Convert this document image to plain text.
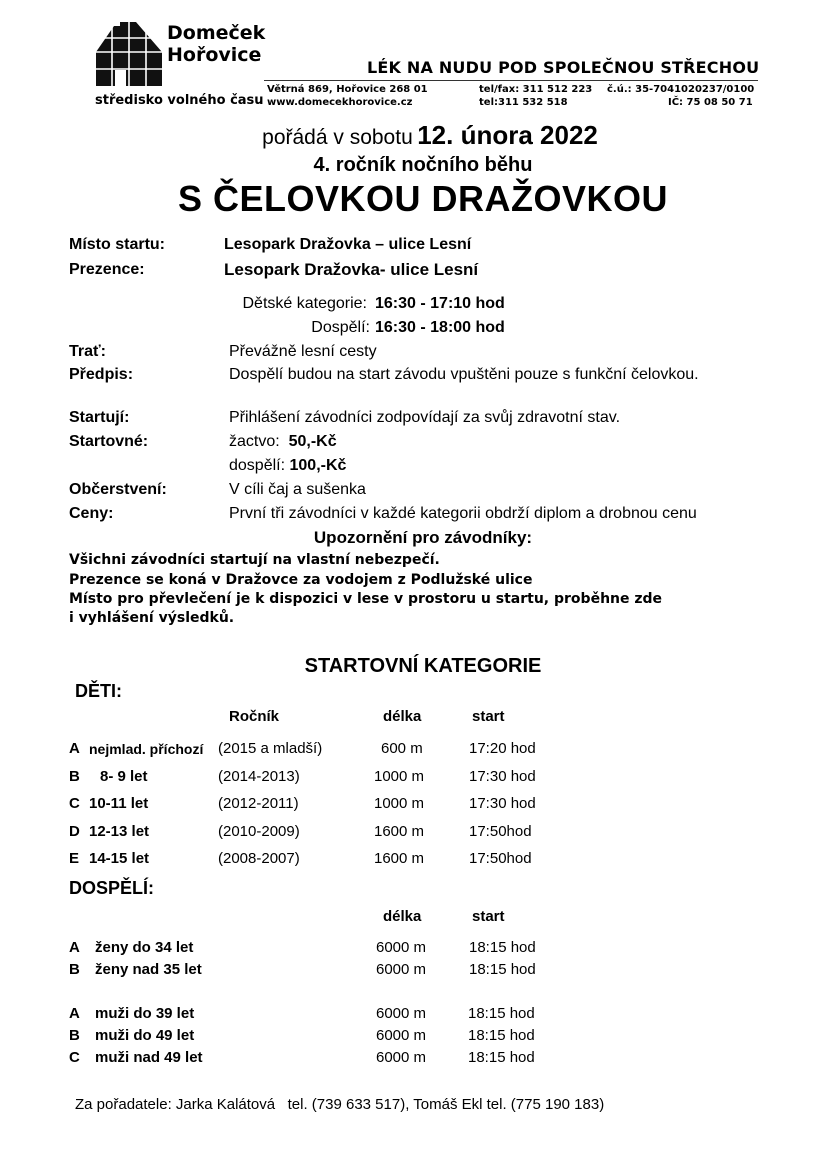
Domeček
Hořovice
středisko volného času
LÉK NA NUDU POD SPOLEČNOU STŘECHOU
Větrná 869, Hořovice 268 01
www.domecekhorovice.cz
tel/fax: 311 512 223
tel:311 532 518
č.ú.: 35-7041020237/0100
IČ: 75 08 50 71
pořádá v sobotu 12. února 2022
4. ročník nočního běhu
S ČELOVKOU DRAŽOVKOU
Místo startu:	Lesopark Dražovka – ulice Lesní
Prezence:	Lesopark Dražovka- ulice Lesní
Dětské kategorie: 16:30 - 17:10 hod
Dospělí: 16:30 - 18:00 hod
Trať:	Převážně lesní cesty
Předpis:	Dospělí budou na start závodu vpuštěni pouze s funkční čelovkou.
Startují:	Přihlášení závodníci zodpovídají za svůj zdravotní stav.
Startovné:	žactvo: 50,-Kč
dospělí: 100,-Kč
Občerstvení:	V cíli čaj a sušenka
Ceny:	První tři závodníci v každé kategorii obdrží diplom a drobnou cenu
Upozornění pro závodníky:
Všichni závodníci startují na vlastní nebezpečí.
Prezence se koná v Dražovce za vodojem z Podlužské ulice
Místo pro převlečení je k dispozici v lese v prostoru u startu, proběhne zde
i vyhlášení výsledků.
STARTOVNÍ KATEGORIE
DĚTI:
Ročník	délka	start
A nejmlad. příchozí (2015 a mladší)	600 m	17:20 hod
B 8- 9 let	(2014-2013)	1000 m	17:30 hod
C 10-11 let	(2012-2011)	1000 m	17:30 hod
D 12-13 let	(2010-2009)	1600 m	17:50hod
E 14-15 let	(2008-2007)	1600 m	17:50hod
DOSPĚLÍ:
délka	start
A ženy do 34 let	6000 m	18:15 hod
B ženy nad 35 let	6000 m	18:15 hod
A muži do 39 let	6000 m	18:15 hod
B muži do 49 let	6000 m	18:15 hod
C muži nad 49 let	6000 m	18:15 hod
Za pořadatele: Jarka Kalátová   tel. (739 633 517), Tomáš Ekl tel. (775 190 183)
